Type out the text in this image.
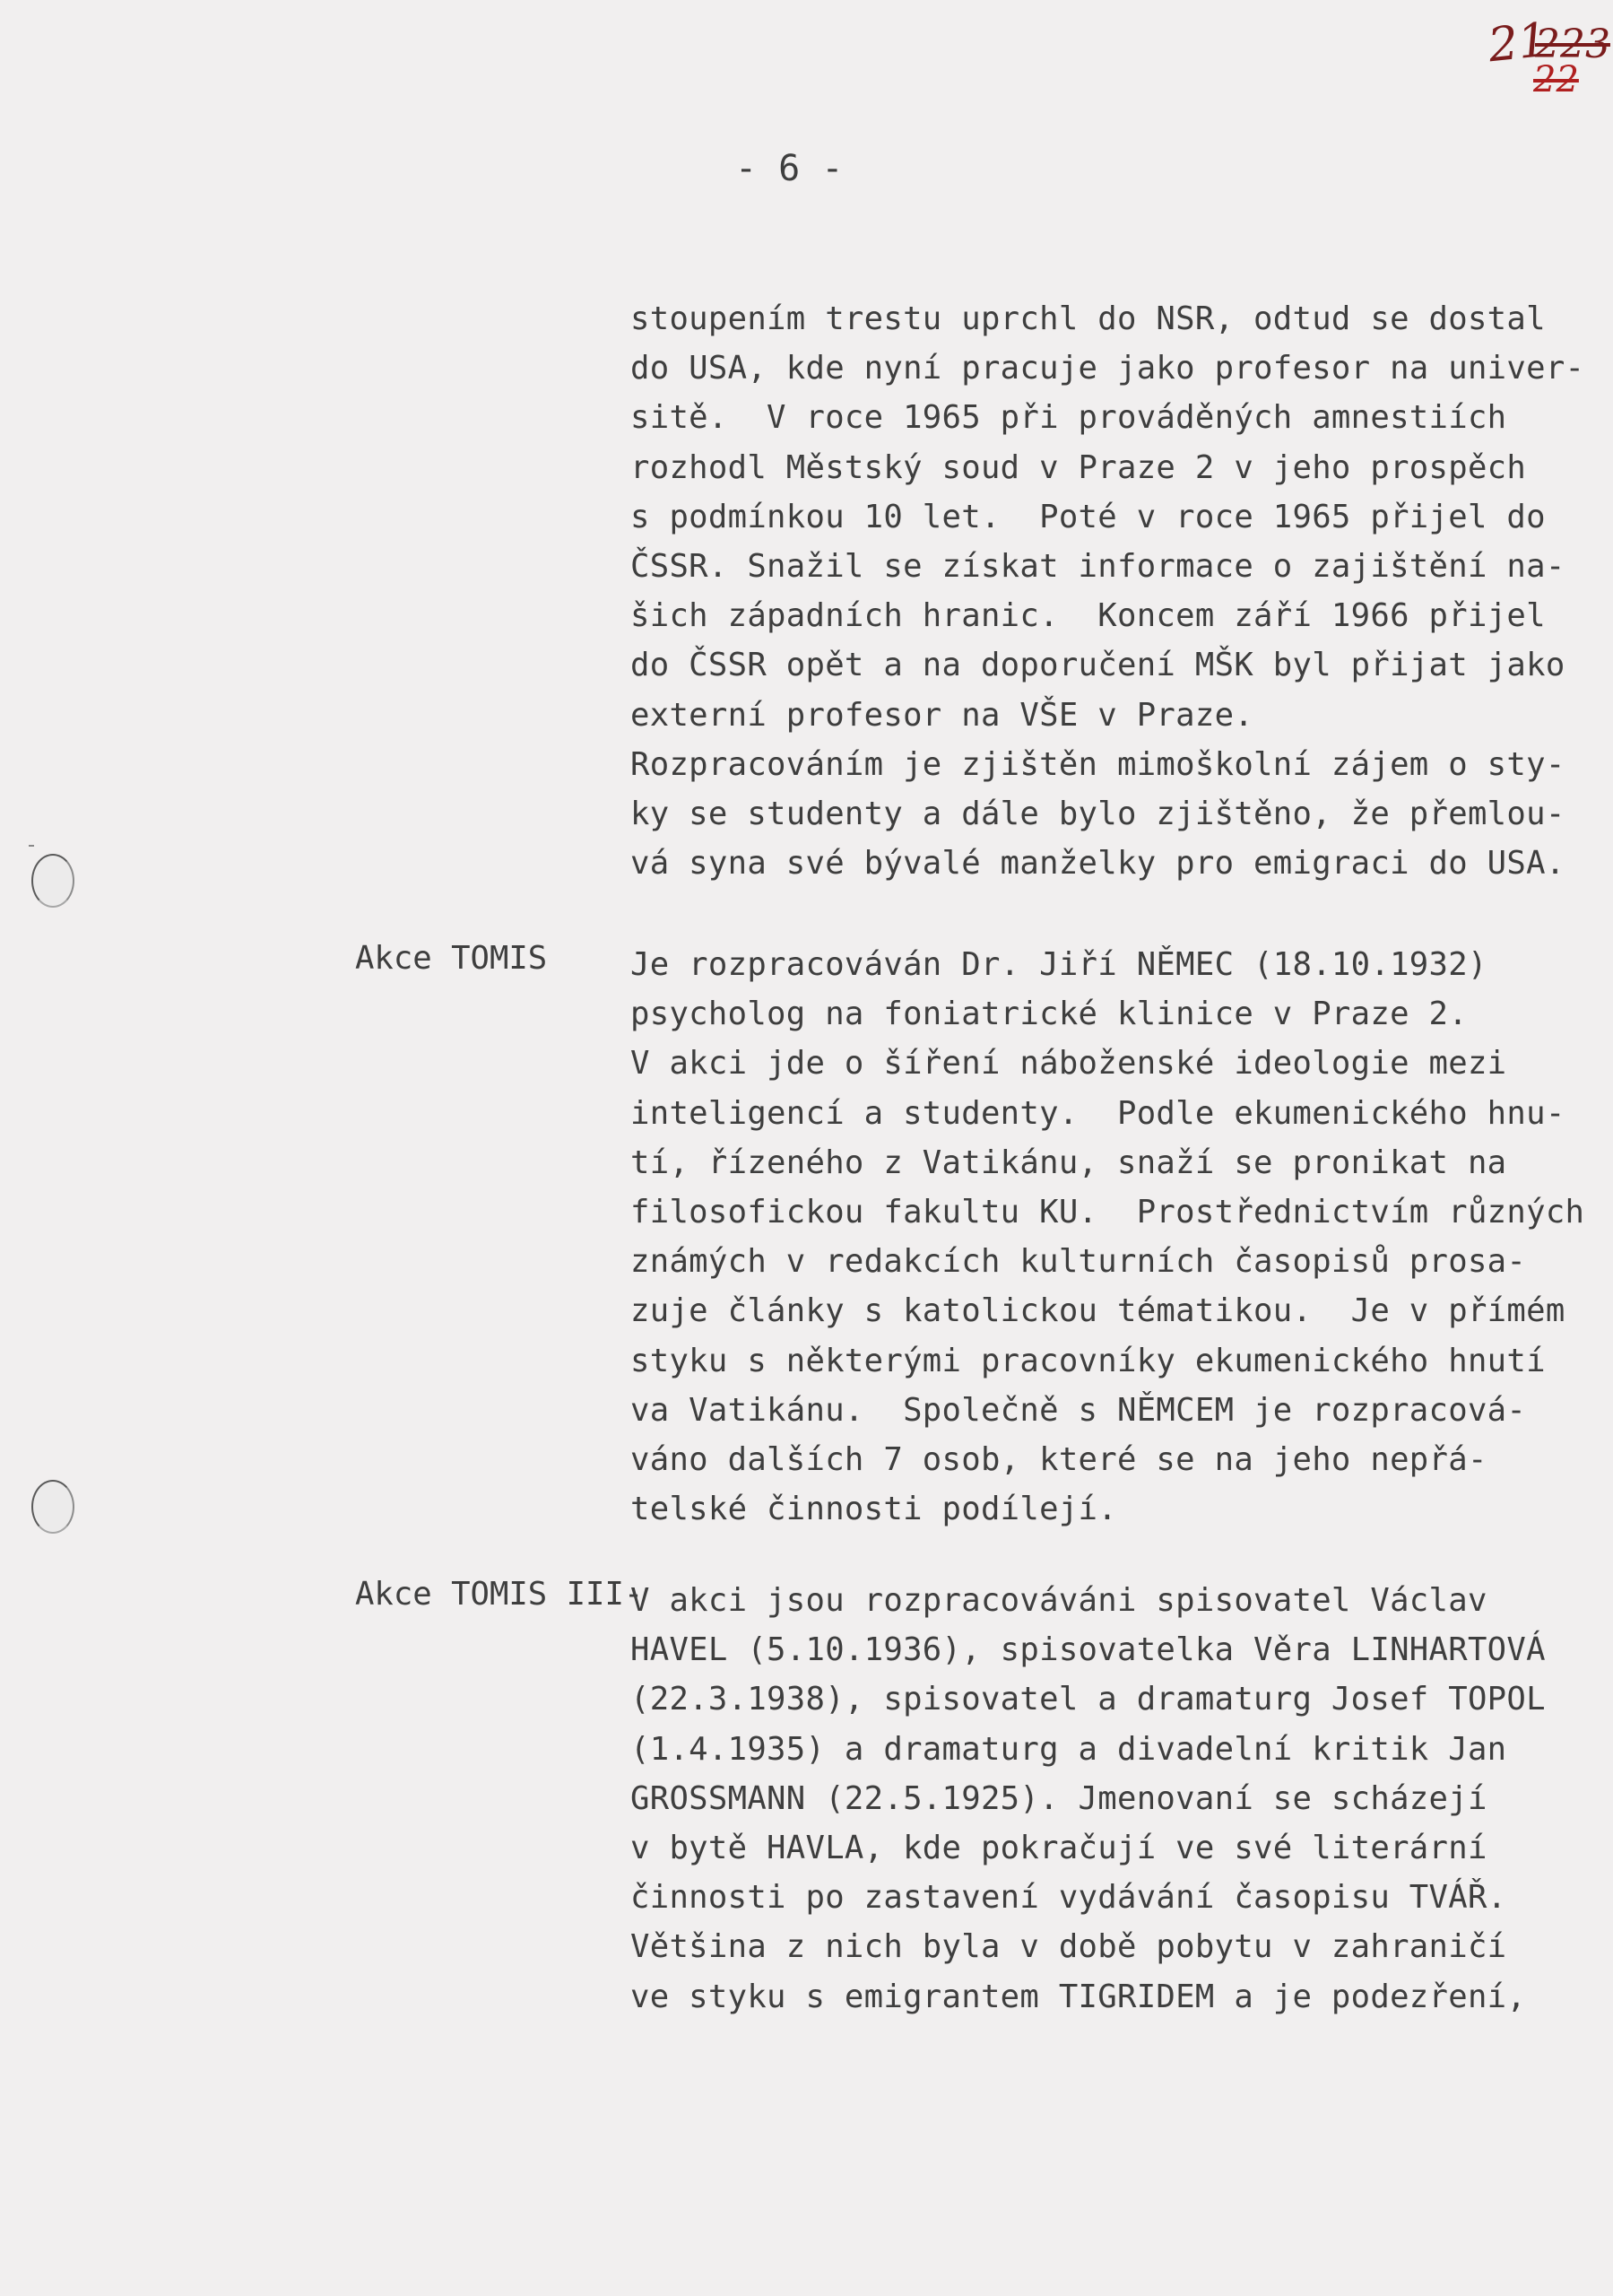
21
223
22
- 6 -
stoupením trestu uprchl do NSR, odtud se dostal
do USA, kde nyní pracuje jako profesor na univer-
sitě.  V roce 1965 při prováděných amnestiích
rozhodl Městský soud v Praze 2 v jeho prospěch
s podmínkou 10 let.  Poté v roce 1965 přijel do
ČSSR. Snažil se získat informace o zajištění na-
šich západních hranic.  Koncem září 1966 přijel
do ČSSR opět a na doporučení MŠK byl přijat jako
externí profesor na VŠE v Praze.
Rozpracováním je zjištěn mimoškolní zájem o sty-
ky se studenty a dále bylo zjištěno, že přemlou-
vá syna své bývalé manželky pro emigraci do USA.
Akce TOMIS	Je rozpracováván Dr. Jiří NĚMEC (18.10.1932)
psycholog na foniatrické klinice v Praze 2.
V akci jde o šíření náboženské ideologie mezi
inteligencí a studenty.  Podle ekumenického hnu-
tí, řízeného z Vatikánu, snaží se pronikat na
filosofickou fakultu KU.  Prostřednictvím různých
známých v redakcích kulturních časopisů prosa-
zuje články s katolickou tématikou.  Je v přímém
styku s některými pracovníky ekumenického hnutí
va Vatikánu.  Společně s NĚMCEM je rozpracová-
váno dalších 7 osob, které se na jeho nepřá-
telské činnosti podílejí.
Akce TOMIS III-
V akci jsou rozpracováváni spisovatel Václav
HAVEL (5.10.1936), spisovatelka Věra LINHARTOVÁ
(22.3.1938), spisovatel a dramaturg Josef TOPOL
(1.4.1935) a dramaturg a divadelní kritik Jan
GROSSMANN (22.5.1925). Jmenovaní se scházejí
v bytě HAVLA, kde pokračují ve své literární
činnosti po zastavení vydávání časopisu TVÁŘ.
Většina z nich byla v době pobytu v zahraničí
ve styku s emigrantem TIGRIDEM a je podezření,
